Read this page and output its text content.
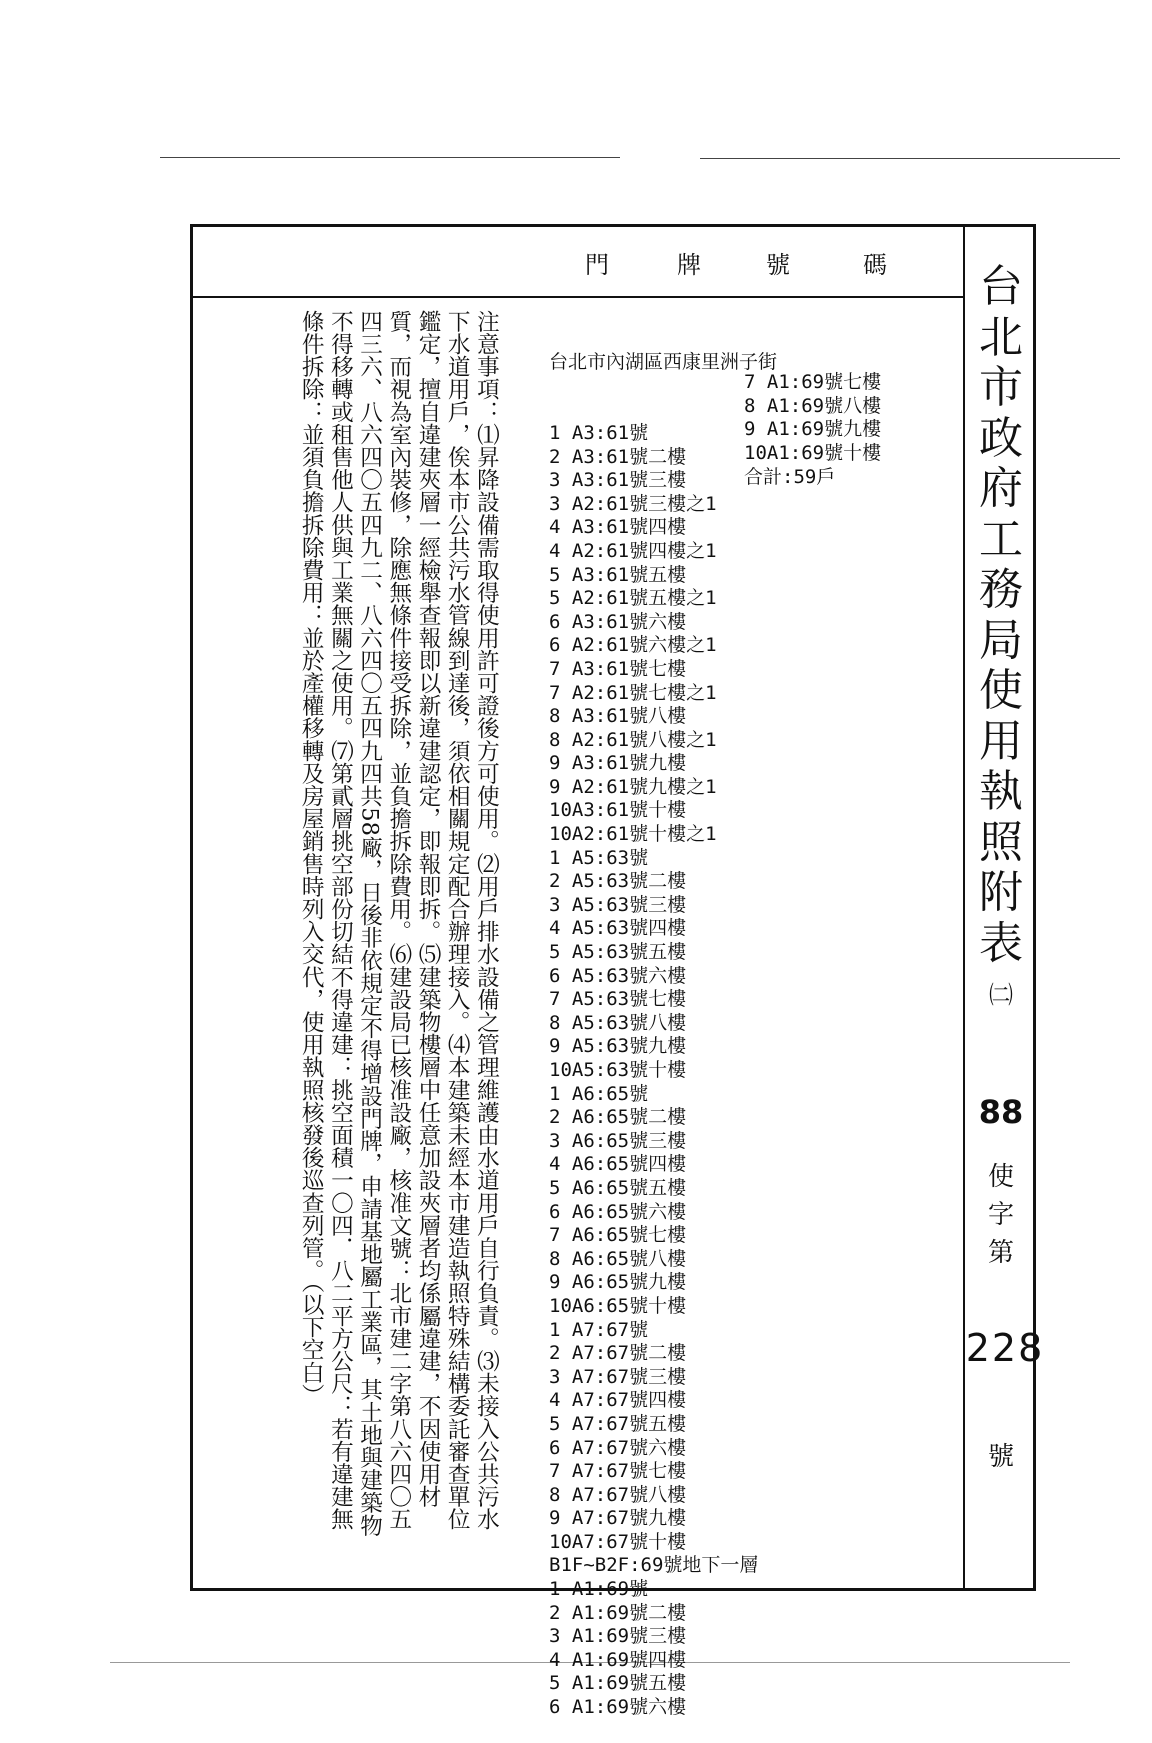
門	牌	號	碼 台
北
市
政
府
工
務
局
使
用
執
照
附
表
㈡
88
使
字
第
228
號

台北市內湖區西康里洲子街

1 A3:61號
2 A3:61號二樓
3 A3:61號三樓
3 A2:61號三樓之1
4 A3:61號四樓
4 A2:61號四樓之1
5 A3:61號五樓
5 A2:61號五樓之1
6 A3:61號六樓
6 A2:61號六樓之1
7 A3:61號七樓
7 A2:61號七樓之1
8 A3:61號八樓
8 A2:61號八樓之1
9 A3:61號九樓
9 A2:61號九樓之1
10A3:61號十樓
10A2:61號十樓之1
1 A5:63號
2 A5:63號二樓
3 A5:63號三樓
4 A5:63號四樓
5 A5:63號五樓
6 A5:63號六樓
7 A5:63號七樓
8 A5:63號八樓
9 A5:63號九樓
10A5:63號十樓
1 A6:65號
2 A6:65號二樓
3 A6:65號三樓
4 A6:65號四樓
5 A6:65號五樓
6 A6:65號六樓
7 A6:65號七樓
8 A6:65號八樓
9 A6:65號九樓
10A6:65號十樓
1 A7:67號
2 A7:67號二樓
3 A7:67號三樓
4 A7:67號四樓
5 A7:67號五樓
6 A7:67號六樓
7 A7:67號七樓
8 A7:67號八樓
9 A7:67號九樓
10A7:67號十樓
B1F~B2F:69號地下一層
1 A1:69號
2 A1:69號二樓
3 A1:69號三樓
4 A1:69號四樓
5 A1:69號五樓
6 A1:69號六樓

7 A1:69號七樓
8 A1:69號八樓
9 A1:69號九樓
10A1:69號十樓
合計:59戶

注意事項：⑴昇降設備需取得使用許可證後方可使用。⑵用戶排水設備之管理維護由水道用戶自行負責。⑶未接入公共污水下水道用戶，俟本市公共污水管線到達後，須依相關規定配合辦理接入。⑷本建築未經本市建造執照特殊結構委託審查單位鑑定，擅自違建夾層一經檢舉查報即以新違建認定，即報即拆。⑸建築物樓層中任意加設夾層者均係屬違建，不因使用材質，而視為室內裝修，除應無條件接受拆除，並負擔拆除費用。⑹建設局已核准設廠，核准文號：北市建二字第八六四〇五四三六、八六四〇五四九二、八六四〇五四九四共58廠，日後非依規定不得增設門牌，申請基地屬工業區，其土地與建築物不得移轉或租售他人供與工業無關之使用。⑺第貳層挑空部份切結不得違建：挑空面積一〇四．八二平方公尺：若有違建無條件拆除：並須負擔拆除費用：並於產權移轉及房屋銷售時列入交代，使用執照核發後巡查列管。（以下空白）
